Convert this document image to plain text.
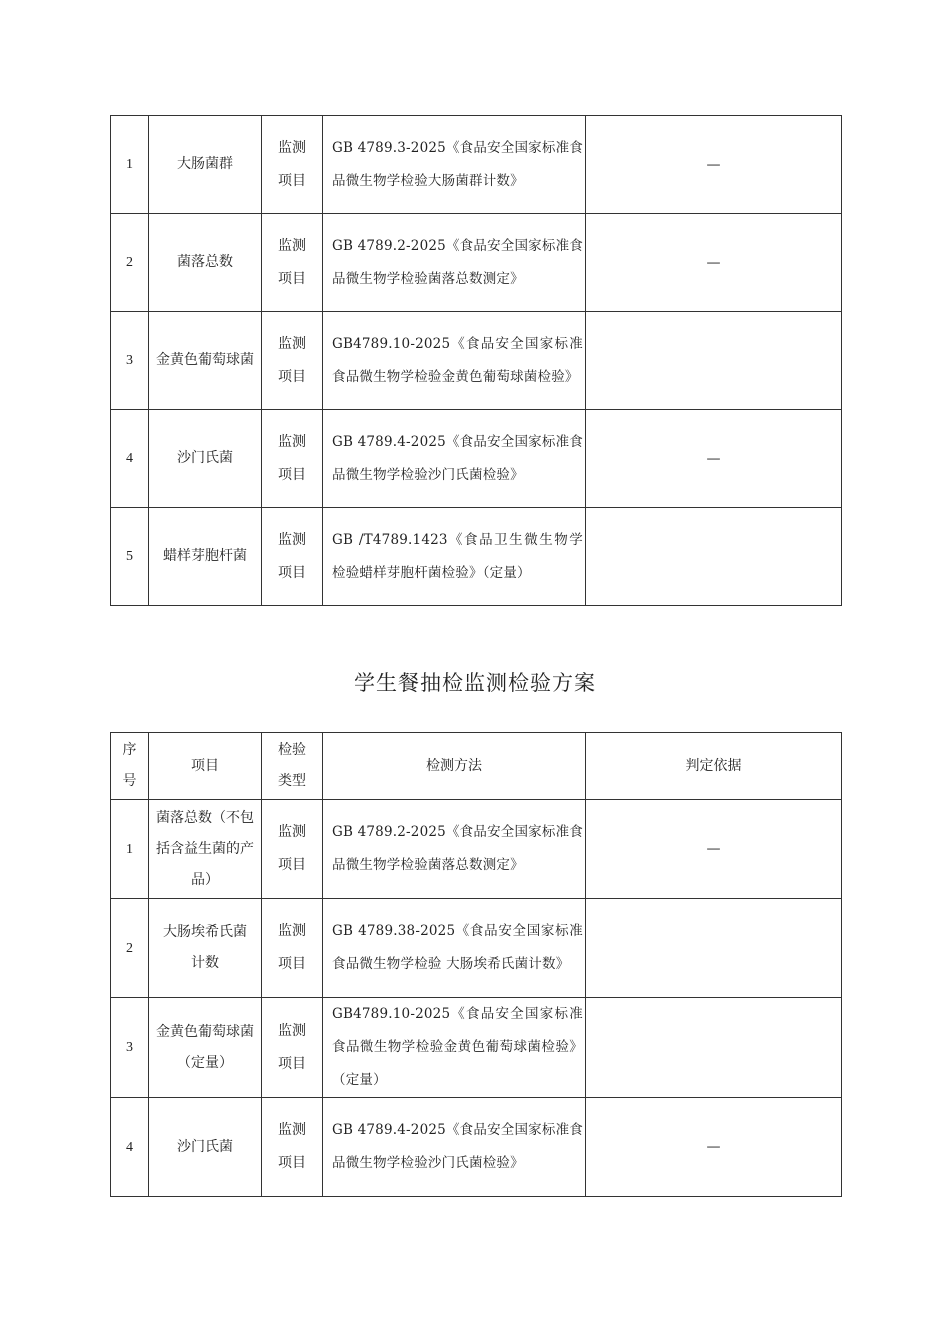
1	大肠菌群	监测项目	GB 4789.3-2025《食品安全国家标准食品微生物学检验大肠菌群计数》	—
2	菌落总数	监测项目	GB 4789.2-2025《食品安全国家标准食品微生物学检验菌落总数测定》	—
3	金黄色葡萄球菌	监测项目	GB4789.10-2025《食品安全国家标准食品微生物学检验金黄色葡萄球菌检验》	
4	沙门氏菌	监测项目	GB 4789.4-2025《食品安全国家标准食品微生物学检验沙门氏菌检验》	—
5	蜡样芽胞杆菌	监测项目	GB /T4789.1423《食品卫生微生物学检验蜡样芽胞杆菌检验》（定量）	
学生餐抽检监测检验方案
序号	项目	检验类型	检测方法	判定依据
1	菌落总数（不包括含益生菌的产品）	监测项目	GB 4789.2-2025《食品安全国家标准食品微生物学检验菌落总数测定》	—
2	大肠埃希氏菌计数	监测项目	GB 4789.38-2025《食品安全国家标准食品微生物学检验 大肠埃希氏菌计数》	
3	金黄色葡萄球菌（定量）	监测项目	GB4789.10-2025《食品安全国家标准食品微生物学检验金黄色葡萄球菌检验》（定量）	
4	沙门氏菌	监测项目	GB 4789.4-2025《食品安全国家标准食品微生物学检验沙门氏菌检验》	—
